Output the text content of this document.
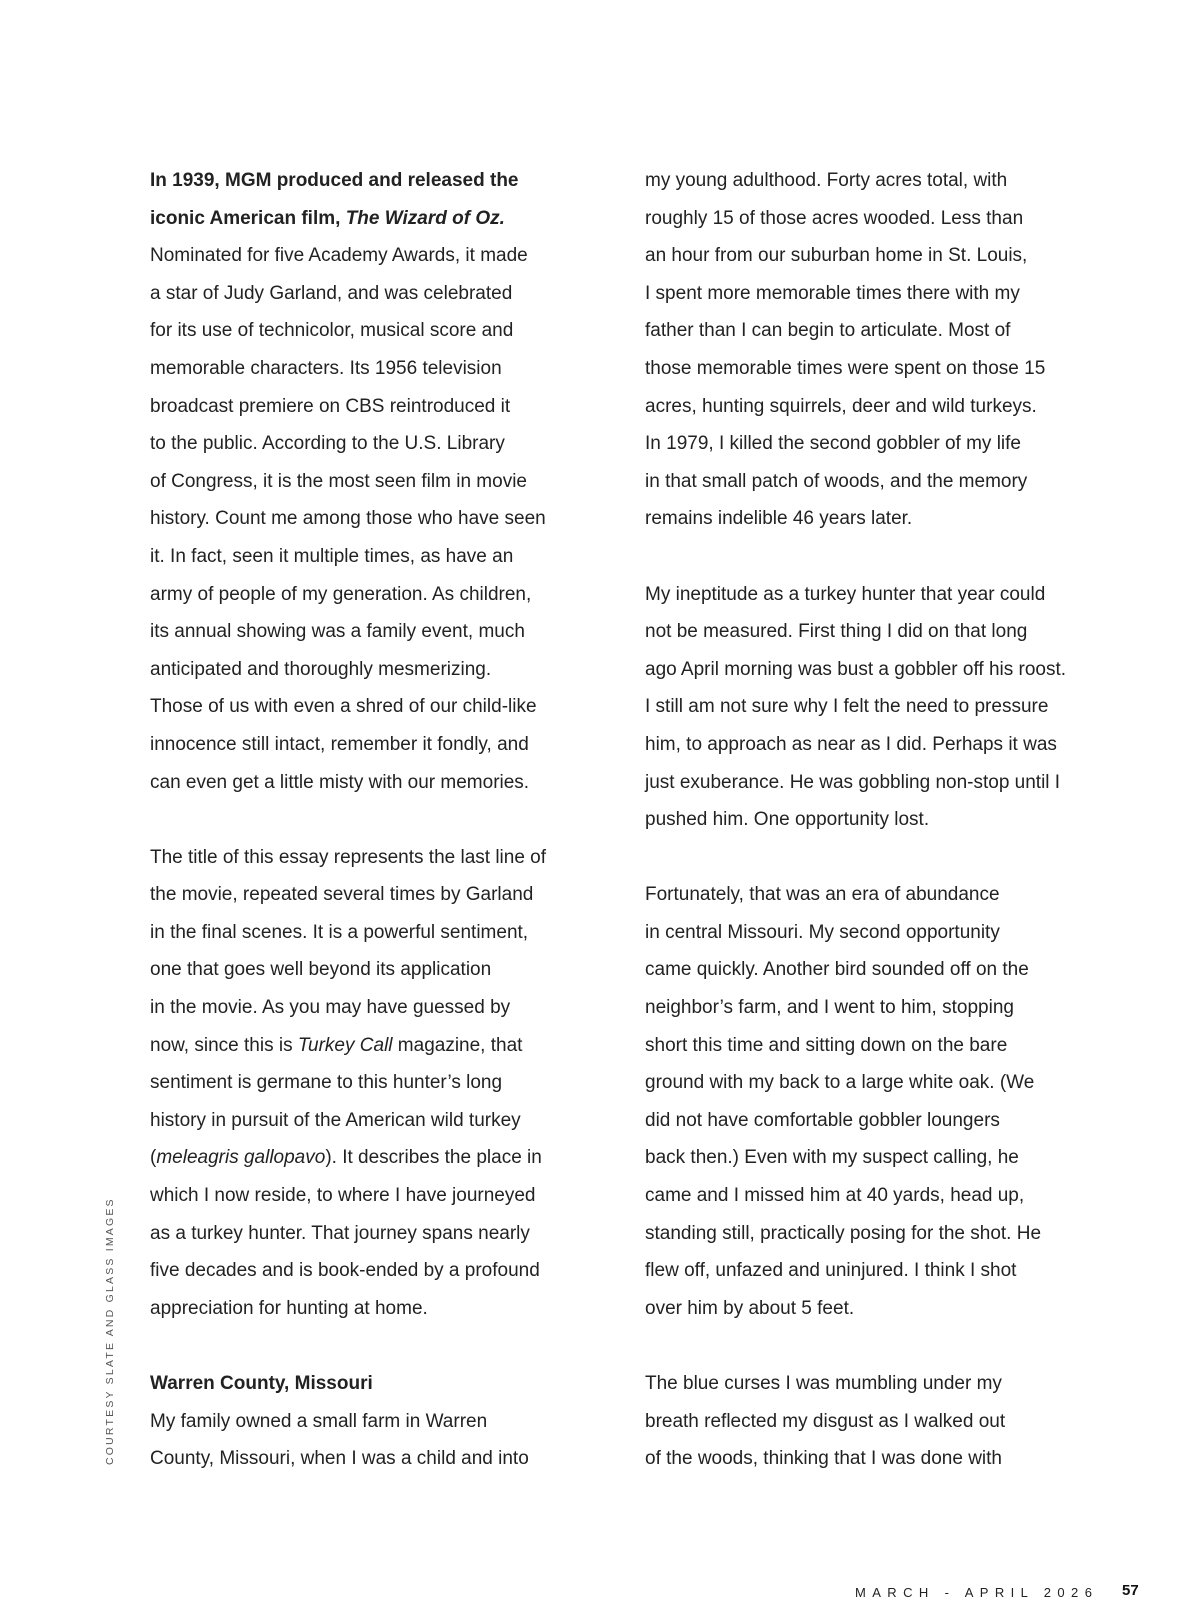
In 1939, MGM produced and released the
iconic American film, The Wizard of Oz.
Nominated for five Academy Awards, it made
a star of Judy Garland, and was celebrated
for its use of technicolor, musical score and
memorable characters. Its 1956 television
broadcast premiere on CBS reintroduced it
to the public. According to the U.S. Library
of Congress, it is the most seen film in movie
history. Count me among those who have seen
it. In fact, seen it multiple times, as have an
army of people of my generation. As children,
its annual showing was a family event, much
anticipated and thoroughly mesmerizing.
Those of us with even a shred of our child-like
innocence still intact, remember it fondly, and
can even get a little misty with our memories.
The title of this essay represents the last line of
the movie, repeated several times by Garland
in the final scenes. It is a powerful sentiment,
one that goes well beyond its application
in the movie. As you may have guessed by
now, since this is Turkey Call magazine, that
sentiment is germane to this hunter’s long
history in pursuit of the American wild turkey
(meleagris gallopavo). It describes the place in
which I now reside, to where I have journeyed
as a turkey hunter. That journey spans nearly
five decades and is book-ended by a profound
appreciation for hunting at home.
Warren County, Missouri
My family owned a small farm in Warren
County, Missouri, when I was a child and into
my young adulthood. Forty acres total, with
roughly 15 of those acres wooded. Less than
an hour from our suburban home in St. Louis,
I spent more memorable times there with my
father than I can begin to articulate. Most of
those memorable times were spent on those 15
acres, hunting squirrels, deer and wild turkeys.
In 1979, I killed the second gobbler of my life
in that small patch of woods, and the memory
remains indelible 46 years later.
My ineptitude as a turkey hunter that year could
not be measured. First thing I did on that long
ago April morning was bust a gobbler off his roost.
I still am not sure why I felt the need to pressure
him, to approach as near as I did. Perhaps it was
just exuberance. He was gobbling non-stop until I
pushed him. One opportunity lost.
Fortunately, that was an era of abundance
in central Missouri. My second opportunity
came quickly. Another bird sounded off on the
neighbor’s farm, and I went to him, stopping
short this time and sitting down on the bare
ground with my back to a large white oak. (We
did not have comfortable gobbler loungers
back then.) Even with my suspect calling, he
came and I missed him at 40 yards, head up,
standing still, practically posing for the shot. He
flew off, unfazed and uninjured. I think I shot
over him by about 5 feet.
The blue curses I was mumbling under my
breath reflected my disgust as I walked out
of the woods, thinking that I was done with
COURTESY SLATE AND GLASS IMAGES
MARCH - APRIL 2026 57
